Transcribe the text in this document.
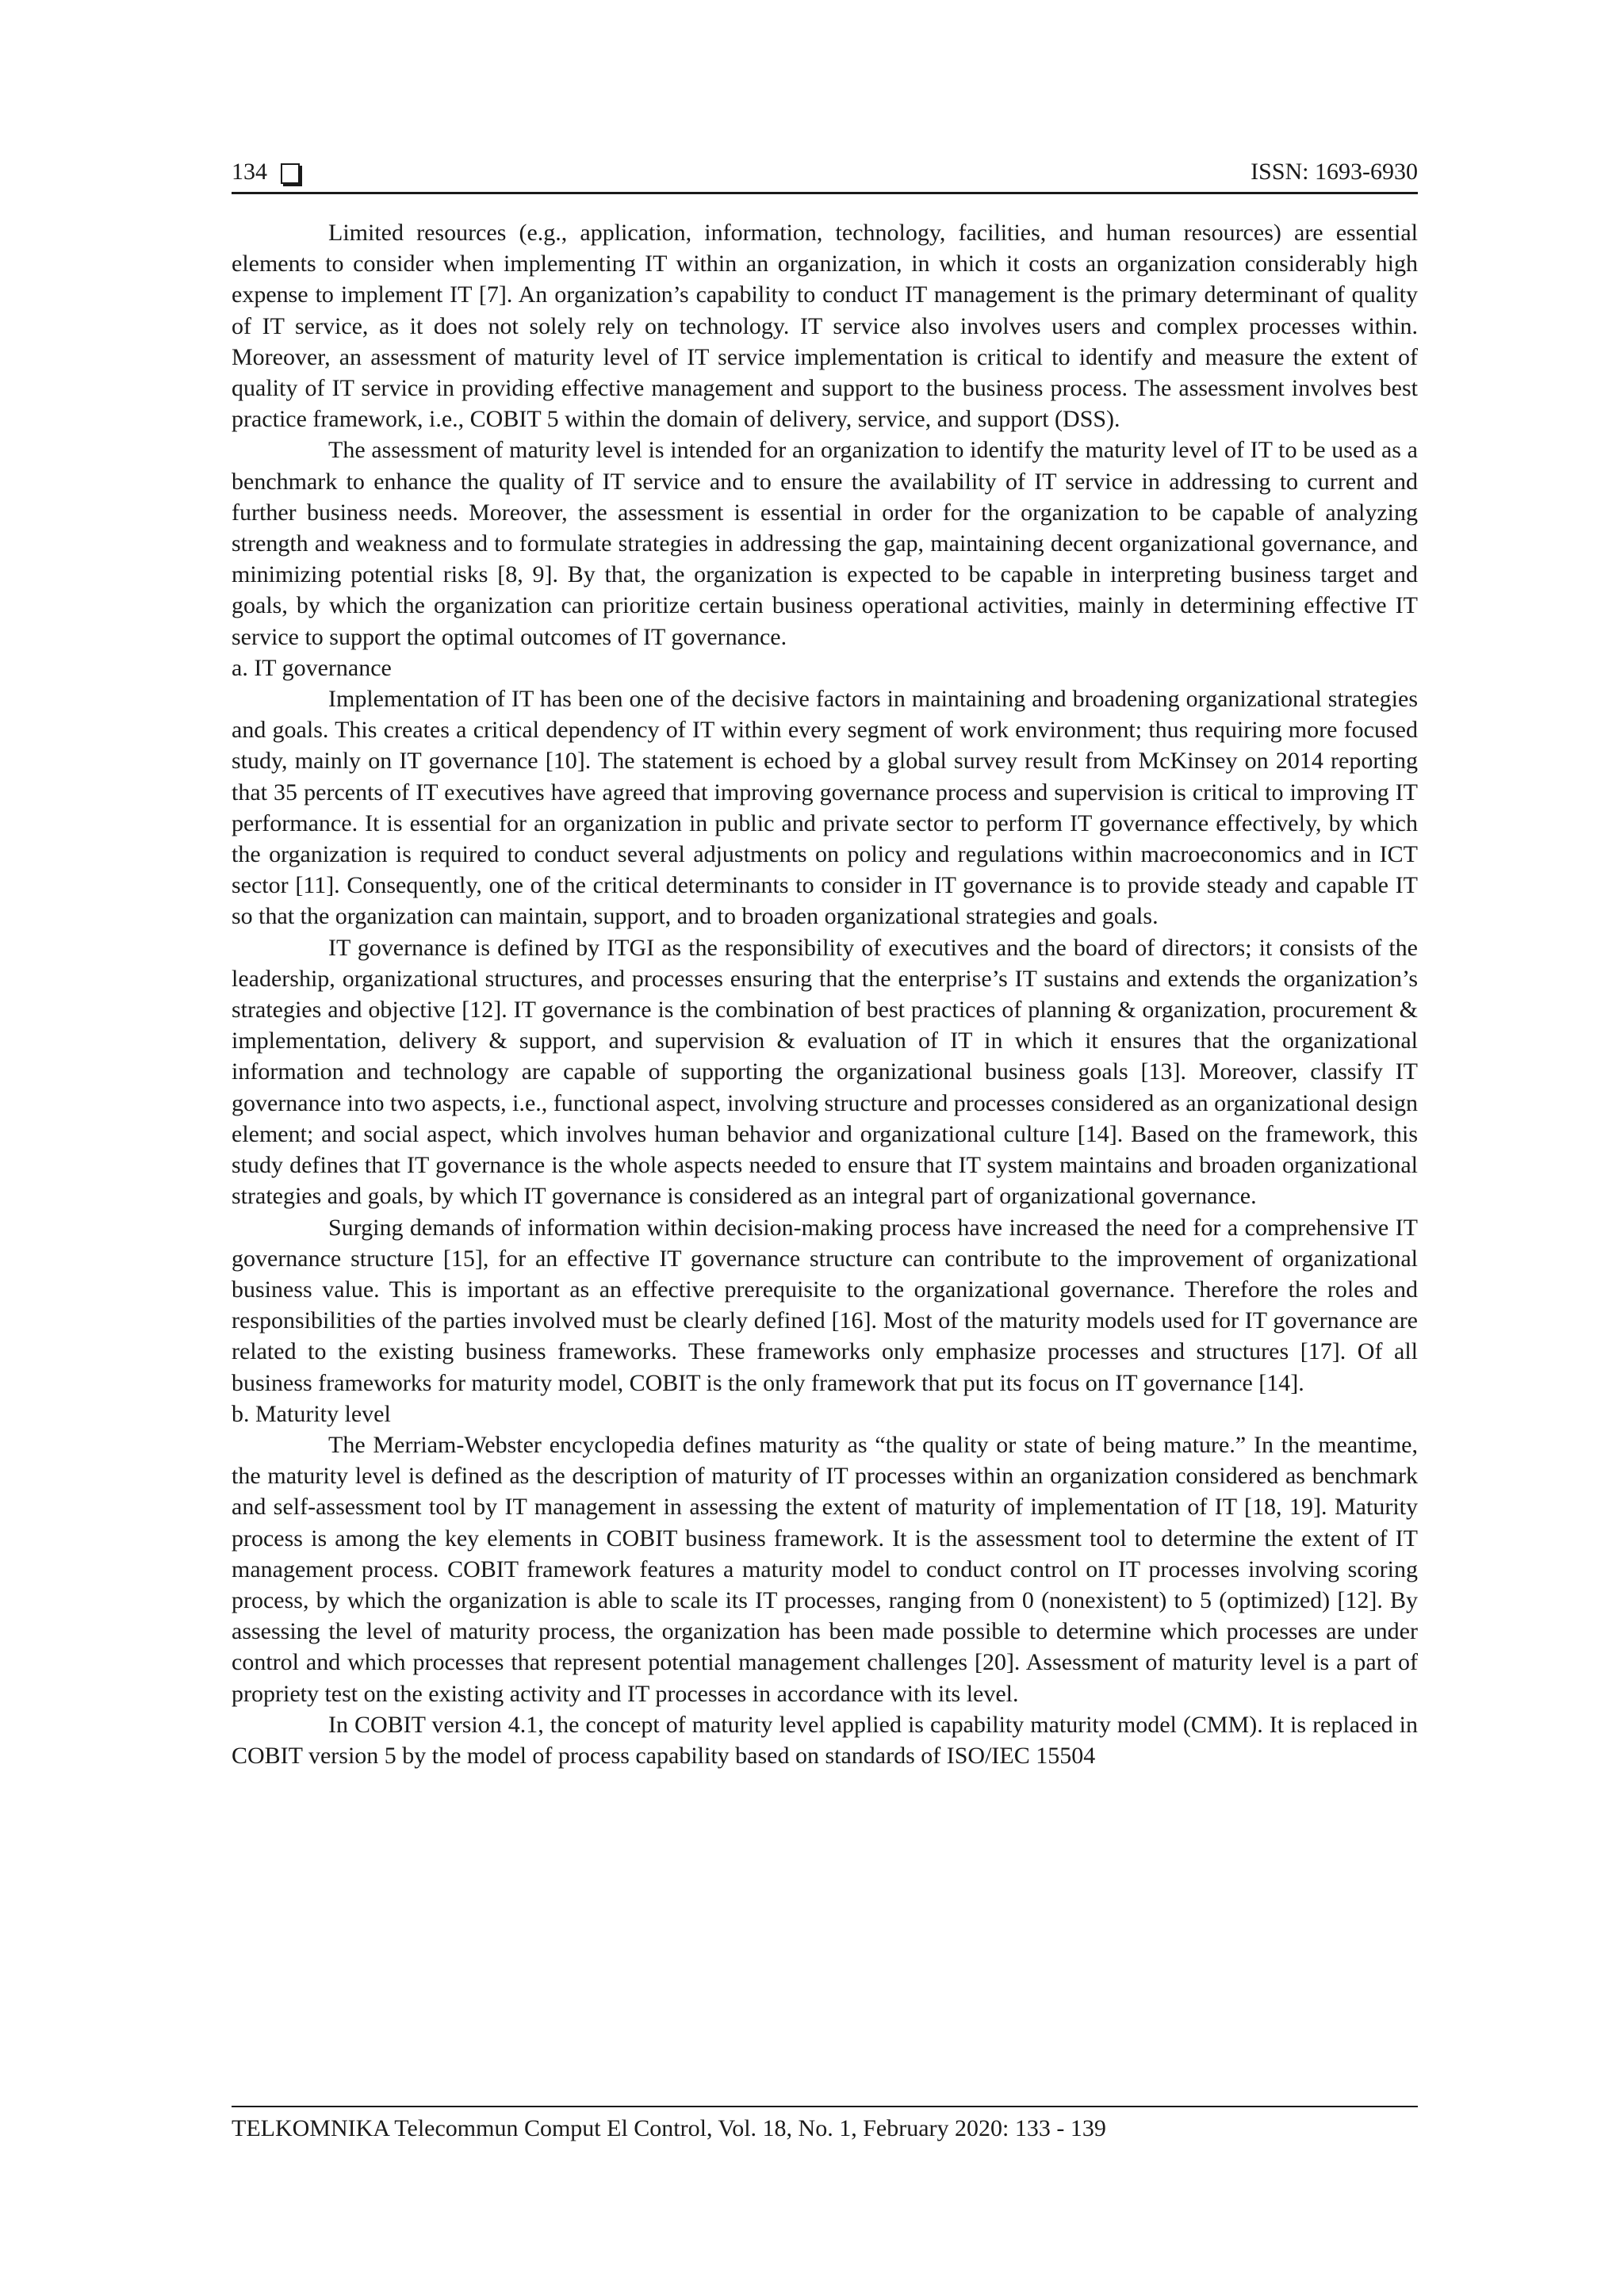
134	ISSN: 1693-6930

Limited resources (e.g., application, information, technology, facilities, and human resources) are essential elements to consider when implementing IT within an organization, in which it costs an organization considerably high expense to implement IT [7]. An organization’s capability to conduct IT management is the primary determinant of quality of IT service, as it does not solely rely on technology. IT service also involves users and complex processes within. Moreover, an assessment of maturity level of IT service implementation is critical to identify and measure the extent of quality of IT service in providing effective management and support to the business process. The assessment involves best practice framework, i.e., COBIT 5 within the domain of delivery, service, and support (DSS).

The assessment of maturity level is intended for an organization to identify the maturity level of IT to be used as a benchmark to enhance the quality of IT service and to ensure the availability of IT service in addressing to current and further business needs. Moreover, the assessment is essential in order for the organization to be capable of analyzing strength and weakness and to formulate strategies in addressing the gap, maintaining decent organizational governance, and minimizing potential risks [8, 9]. By that, the organization is expected to be capable in interpreting business target and goals, by which the organization can prioritize certain business operational activities, mainly in determining effective IT service to support the optimal outcomes of IT governance.

a. IT governance

Implementation of IT has been one of the decisive factors in maintaining and broadening organizational strategies and goals. This creates a critical dependency of IT within every segment of work environment; thus requiring more focused study, mainly on IT governance [10]. The statement is echoed by a global survey result from McKinsey on 2014 reporting that 35 percents of IT executives have agreed that improving governance process and supervision is critical to improving IT performance. It is essential for an organization in public and private sector to perform IT governance effectively, by which the organization is required to conduct several adjustments on policy and regulations within macroeconomics and in ICT sector [11]. Consequently, one of the critical determinants to consider in IT governance is to provide steady and capable IT so that the organization can maintain, support, and to broaden organizational strategies and goals.

IT governance is defined by ITGI as the responsibility of executives and the board of directors; it consists of the leadership, organizational structures, and processes ensuring that the enterprise’s IT sustains and extends the organization’s strategies and objective [12]. IT governance is the combination of best practices of planning & organization, procurement & implementation, delivery & support, and supervision & evaluation of IT in which it ensures that the organizational information and technology are capable of supporting the organizational business goals [13]. Moreover, classify IT governance into two aspects, i.e., functional aspect, involving structure and processes considered as an organizational design element; and social aspect, which involves human behavior and organizational culture [14]. Based on the framework, this study defines that IT governance is the whole aspects needed to ensure that IT system maintains and broaden organizational strategies and goals, by which IT governance is considered as an integral part of organizational governance.

Surging demands of information within decision-making process have increased the need for a comprehensive IT governance structure [15], for an effective IT governance structure can contribute to the improvement of organizational business value. This is important as an effective prerequisite to the organizational governance. Therefore the roles and responsibilities of the parties involved must be clearly defined [16]. Most of the maturity models used for IT governance are related to the existing business frameworks. These frameworks only emphasize processes and structures [17]. Of all business frameworks for maturity model, COBIT is the only framework that put its focus on IT governance [14].

b. Maturity level

The Merriam-Webster encyclopedia defines maturity as “the quality or state of being mature.” In the meantime, the maturity level is defined as the description of maturity of IT processes within an organization considered as benchmark and self-assessment tool by IT management in assessing the extent of maturity of implementation of IT [18, 19]. Maturity process is among the key elements in COBIT business framework. It is the assessment tool to determine the extent of IT management process. COBIT framework features a maturity model to conduct control on IT processes involving scoring process, by which the organization is able to scale its IT processes, ranging from 0 (nonexistent) to 5 (optimized) [12]. By assessing the level of maturity process, the organization has been made possible to determine which processes are under control and which processes that represent potential management challenges [20]. Assessment of maturity level is a part of propriety test on the existing activity and IT processes in accordance with its level.

In COBIT version 4.1, the concept of maturity level applied is capability maturity model (CMM). It is replaced in COBIT version 5 by the model of process capability based on standards of ISO/IEC 15504

TELKOMNIKA Telecommun Comput El Control, Vol. 18, No. 1, February 2020: 133 - 139
